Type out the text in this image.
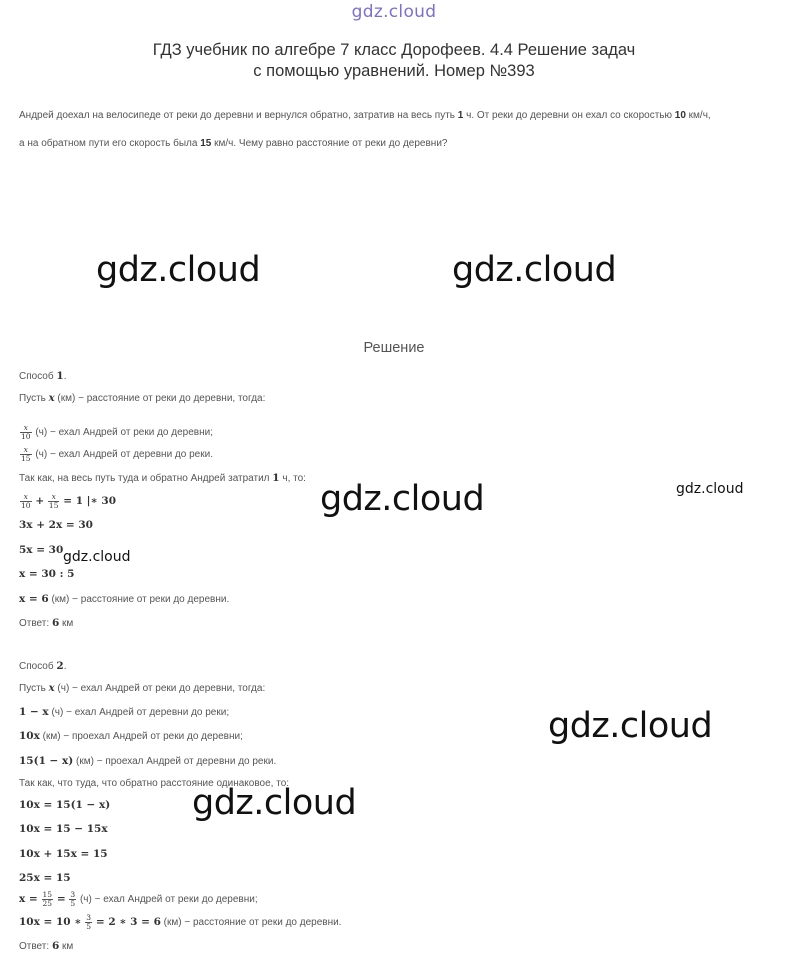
gdz.cloud
ГДЗ учебник по алгебре 7 класс Дорофеев. 4.4 Решение задач
с помощью уравнений. Номер №393
Андрей доехал на велосипеде от реки до деревни и вернулся обратно, затратив на весь путь 1 ч. От реки до деревни он ехал со скоростью 10 км/ч,
а на обратном пути его скорость была 15 км/ч. Чему равно расстояние от реки до деревни?
gdz.cloud	gdz.cloud
gdz.cloud	gdz.cloud
gdz.cloud
gdz.cloud
gdz.cloud
Решение
Способ 1.
Пусть x (км) − расстояние от реки до деревни, тогда:
$\frac{x}{10} (ч)$ − ехал Андрей от реки до деревни;
$\frac{x}{15} (ч)$ − ехал Андрей от деревни до реки.
Так как, на весь путь туда и обратно Андрей затратил 1 ч, то:
$\frac{x}{10} + \frac{x}{15} = 1$ |∗ 30
3x + 2x = 30
5x = 30
x = 30 : 5
x = 6 (км) − расстояние от реки до деревни.
Ответ: 6 км
Способ 2.
Пусть x (ч) − ехал Андрей от реки до деревни, тогда:
1 − x (ч) − ехал Андрей от деревни до реки;
10x (км) − проехал Андрей от реки до деревни;
15(1 − x) (км) − проехал Андрей от деревни до реки.
Так как, что туда, что обратно расстояние одинаковое, то:
10x = 15(1 − x)
10x = 15 − 15x
10x + 15x = 15
25x = 15
$x = \frac{15}{25} = \frac{3}{5} (ч)$ − ехал Андрей от реки до деревни;
10x = 10 ∗ $\frac{3}{5} = 2$ ∗ 3 = 6 (км) − расстояние от реки до деревни.
Ответ: 6 км
